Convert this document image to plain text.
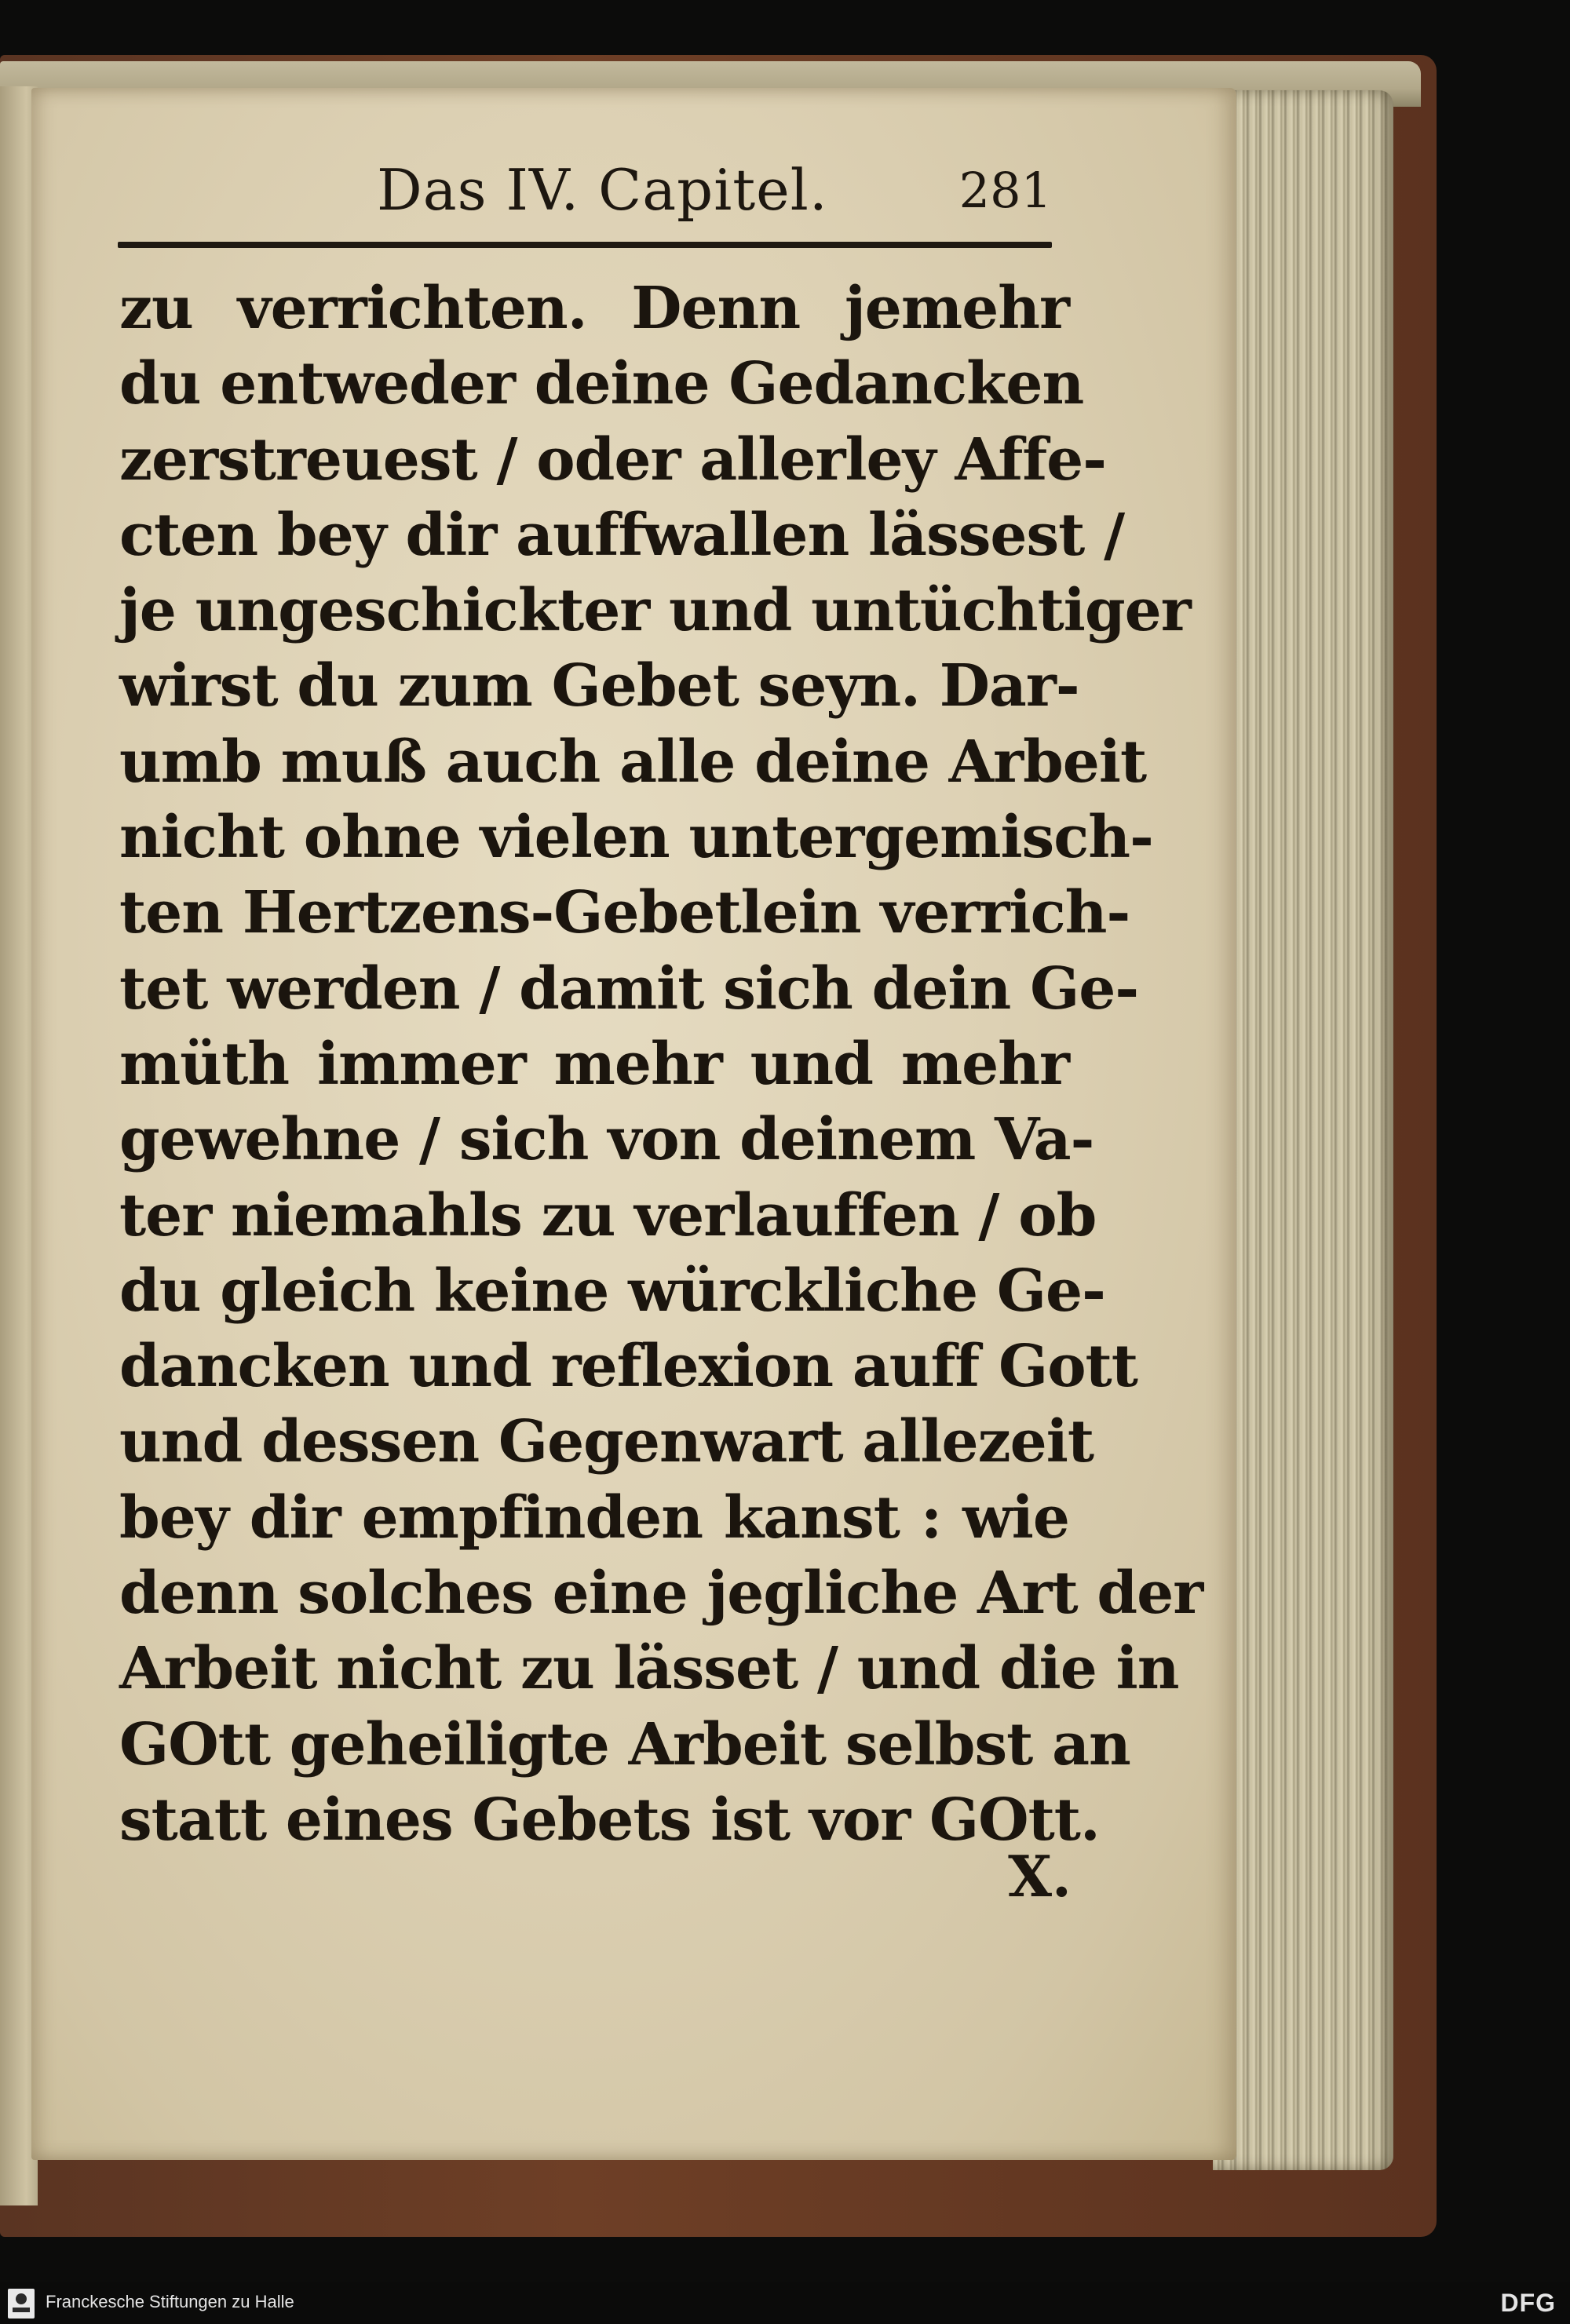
Das IV. Capitel.	281
zu verrichten. Denn jemehr
du entweder deine Gedancken
zerstreuest / oder allerley Affe-
cten bey dir auffwallen lässest /
je ungeschickter und untüchtiger
wirst du zum Gebet seyn. Dar-
umb muß auch alle deine Arbeit
nicht ohne vielen untergemisch-
ten Hertzens-Gebetlein verrich-
tet werden / damit sich dein Ge-
müth immer mehr und mehr
gewehne / sich von deinem Va-
ter niemahls zu verlauffen / ob
du gleich keine würckliche Ge-
dancken und reflexion auff Gott
und dessen Gegenwart allezeit
bey dir empfinden kanst : wie
denn solches eine jegliche Art der
Arbeit nicht zu lässet / und die in
GOtt geheiligte Arbeit selbst an
statt eines Gebets ist vor GOtt.
X.
Franckesche Stiftungen zu Halle	DFG
